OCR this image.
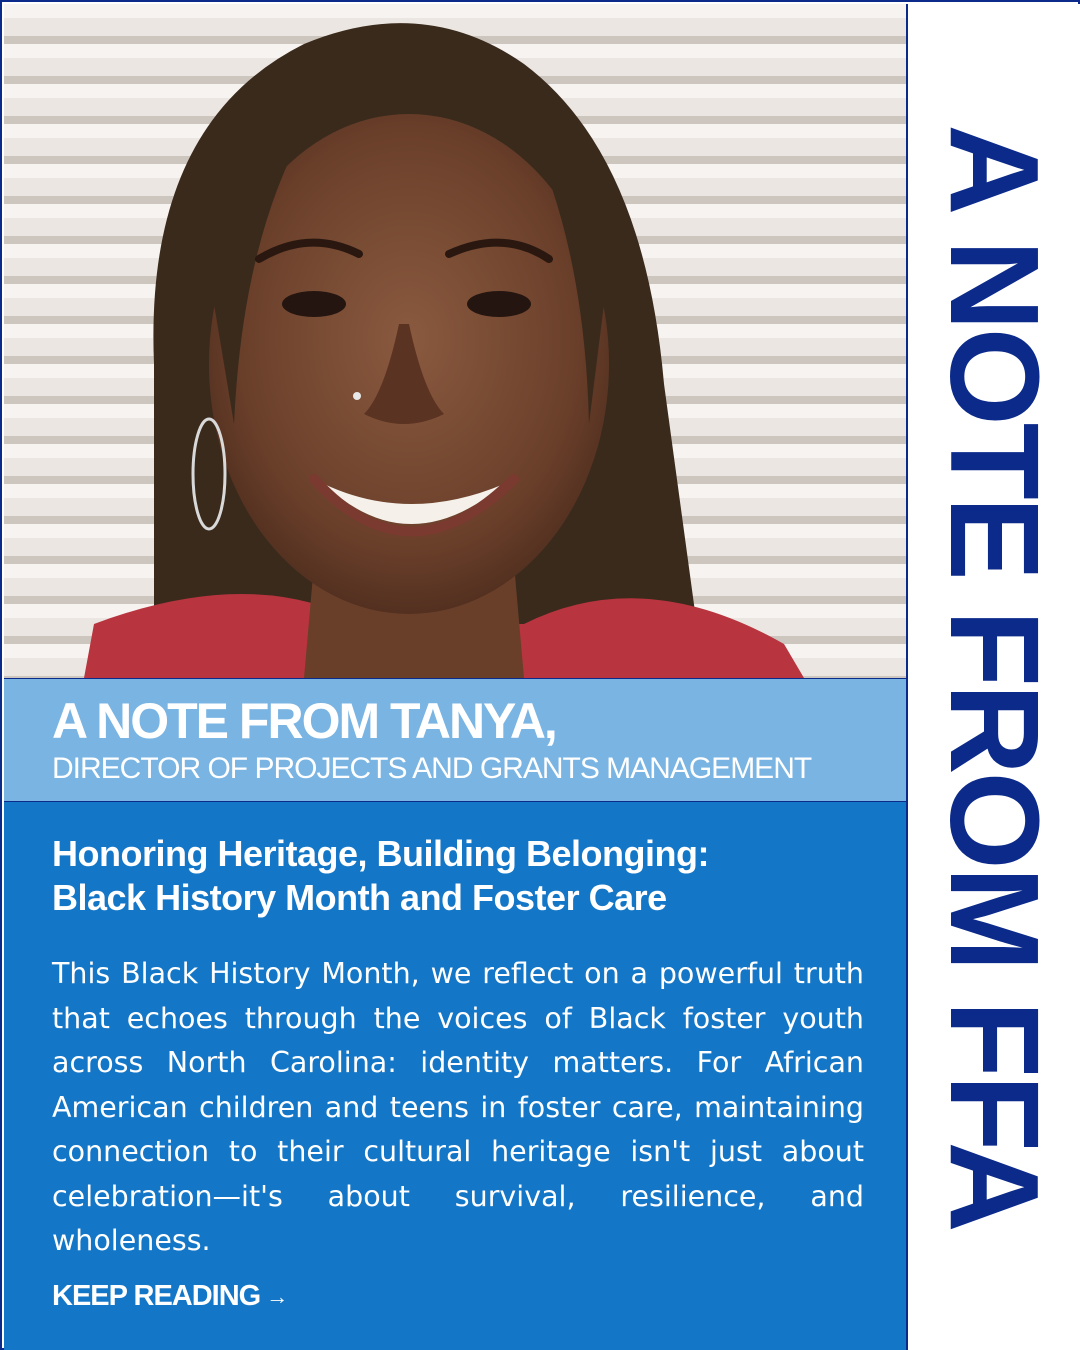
A NOTE FROM TANYA,
DIRECTOR OF PROJECTS AND GRANTS MANAGEMENT
Honoring Heritage, Building Belonging:
Black History Month and Foster Care

This Black History Month, we reflect on a powerful truth that echoes through the voices of Black foster youth across North Carolina: identity matters. For African American children and teens in foster care, maintaining connection to their cultural heritage isn't just about celebration—it's about survival, resilience, and wholeness.

KEEP READING →
A NOTE FROM FFA
